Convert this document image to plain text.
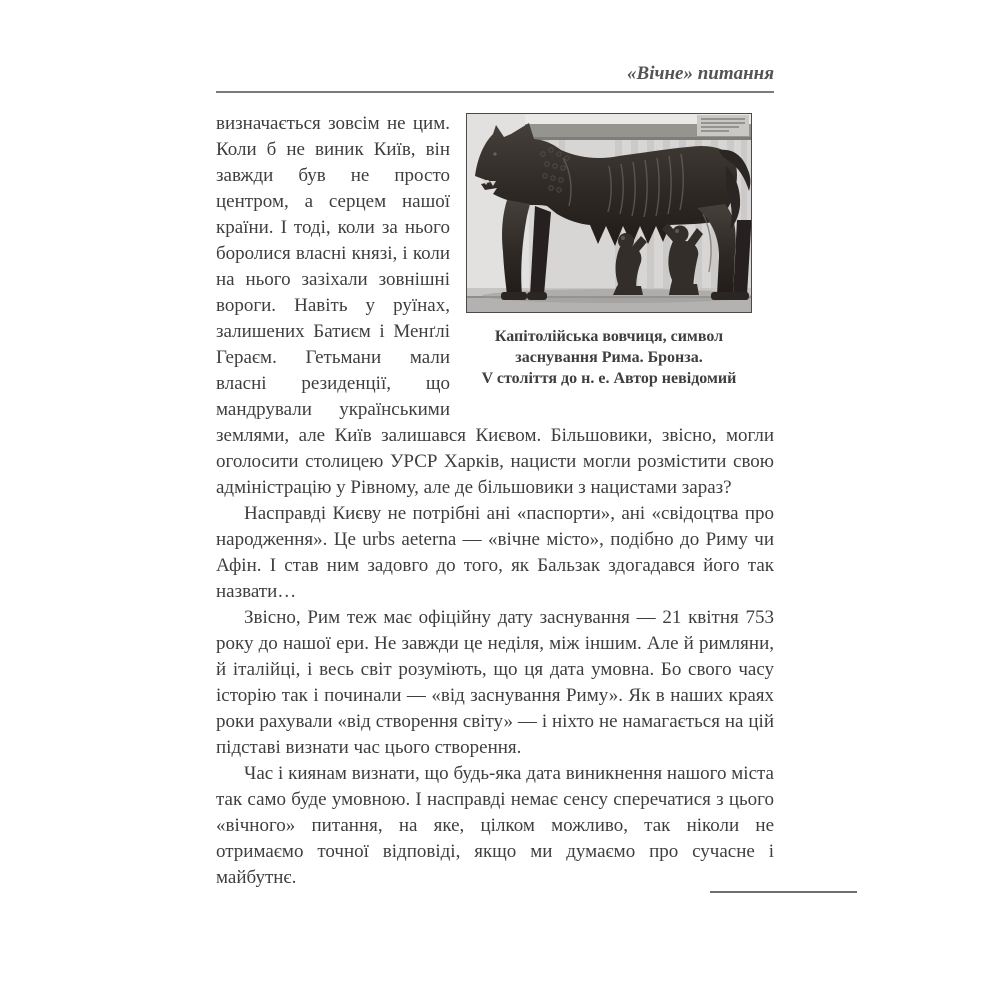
«Вічне» питання
Капітолійська вовчиця, символ
заснування Рима. Бронза.
V століття до н. е. Автор невідомий

визначається зовсім не цим. Коли б не виник Київ, він завжди був не просто центром, а серцем нашої країни. І тоді, коли за нього боролися власні князі, і коли на нього зазіхали зовнішні вороги. Навіть у руїнах, залишених Батиєм і Менґлі Гераєм. Гетьмани мали власні резиденції, що мандрували українськими землями, але Київ залишався Києвом. Більшовики, звісно, могли оголосити столицею УРСР Харків, нацисти могли розмістити свою адміністрацію у Рівному, але де більшовики з нацистами зараз?

Насправді Києву не потрібні ані «паспорти», ані «свідоцтва про народження». Це urbs aeterna — «вічне місто», подібно до Риму чи Афін. І став ним задовго до того, як Бальзак здогадався його так назвати…

Звісно, Рим теж має офіційну дату заснування — 21 квітня 753 року до нашої ери. Не завжди це неділя, між іншим. Але й римляни, й італійці, і весь світ розуміють, що ця дата умовна. Бо свого часу історію так і починали — «від заснування Риму». Як в наших краях роки рахували «від створення світу» — і ніхто не намагається на цій підставі визнати час цього створення.

Час і киянам визнати, що будь-яка дата виникнення нашого міста так само буде умовною. І насправді немає сенсу сперечатися з цього «вічного» питання, на яке, цілком можливо, так ніколи не отримаємо точної відповіді, якщо ми думаємо про сучасне і майбутнє.
